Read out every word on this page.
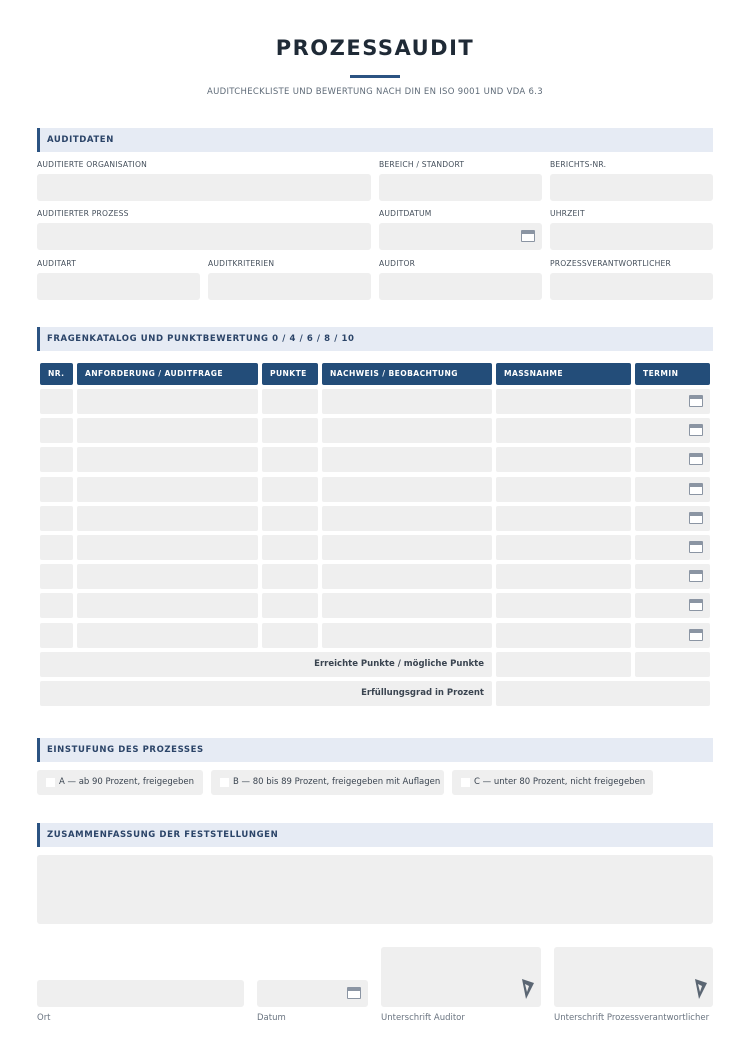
PROZESSAUDIT
AUDITCHECKLISTE UND BEWERTUNG NACH DIN EN ISO 9001 UND VDA 6.3
AUDITDATEN
AUDITIERTE ORGANISATION	BEREICH / STANDORT	BERICHTS-NR.
AUDITIERTER PROZESS	AUDITDATUM	UHRZEIT
AUDITART	AUDITKRITERIEN	AUDITOR	PROZESSVERANTWORTLICHER
FRAGENKATALOG UND PUNKTBEWERTUNG 0 / 4 / 6 / 8 / 10
NR.	ANFORDERUNG / AUDITFRAGE	PUNKTE	NACHWEIS / BEOBACHTUNG	MASSNAHME	TERMIN
Erreichte Punkte / mögliche Punkte
Erfüllungsgrad in Prozent
EINSTUFUNG DES PROZESSES
A — ab 90 Prozent, freigegeben	B — 80 bis 89 Prozent, freigegeben mit Auflagen	C — unter 80 Prozent, nicht freigegeben
ZUSAMMENFASSUNG DER FESTSTELLUNGEN
Ort	Datum	Unterschrift Auditor	Unterschrift Prozessverantwortlicher
